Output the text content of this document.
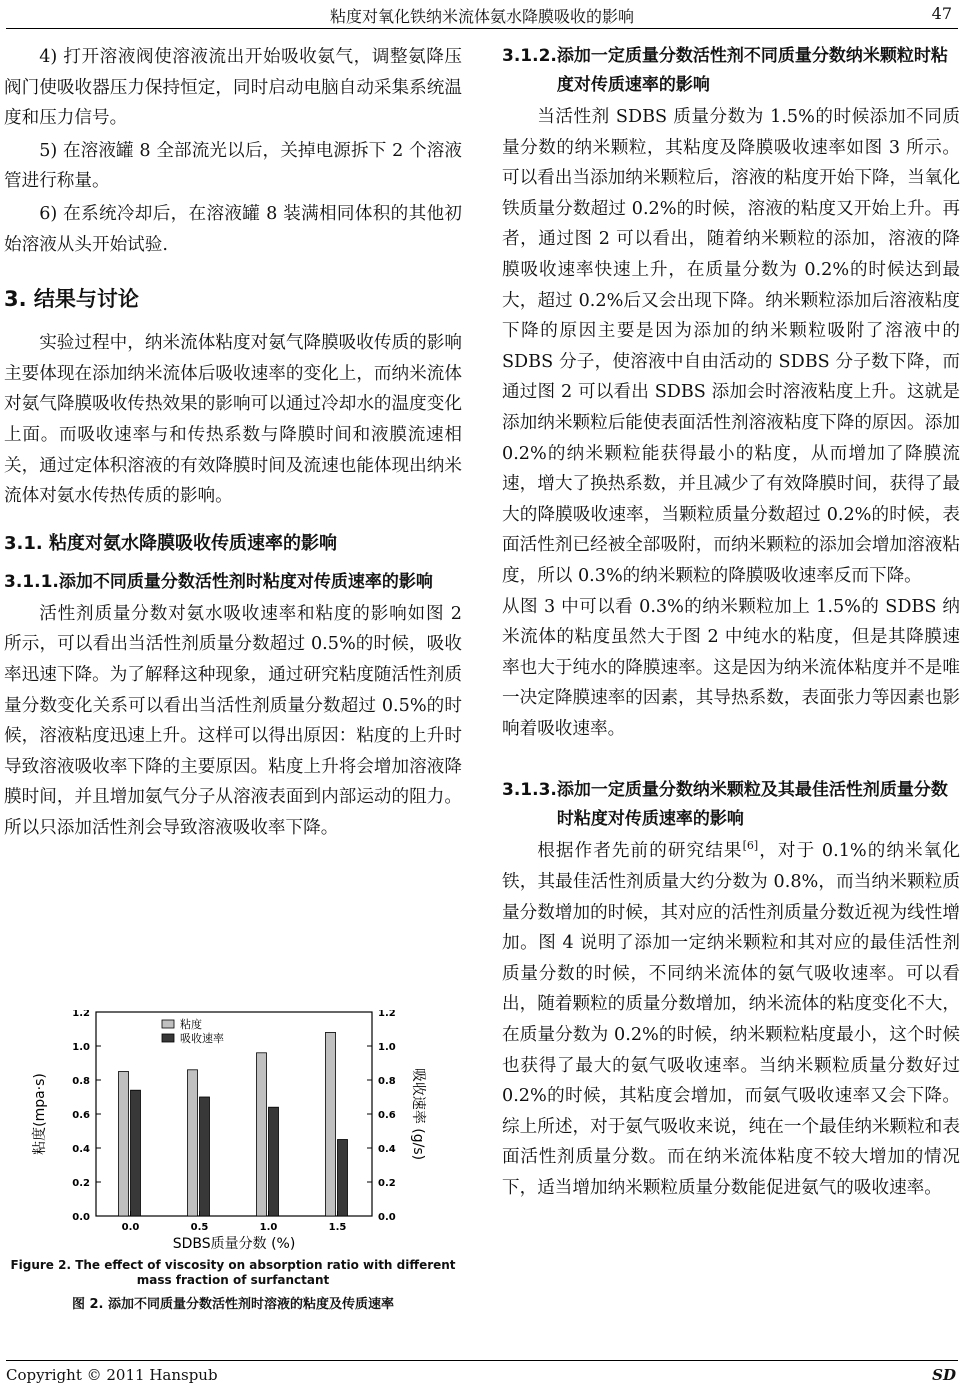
粘度对氧化铁纳米流体氨水降膜吸收的影响	47

4) 打开溶液阀使溶液流出开始吸收氨气，调整氨降压阀门使吸收器压力保持恒定，同时启动电脑自动采集系统温度和压力信号。

5) 在溶液罐 8 全部流光以后，关掉电源拆下 2 个溶液管进行称量。

6) 在系统冷却后，在溶液罐 8 装满相同体积的其他初始溶液从头开始试验.

3. 结果与讨论

实验过程中，纳米流体粘度对氨气降膜吸收传质的影响主要体现在添加纳米流体后吸收速率的变化上，而纳米流体对氨气降膜吸收传热效果的影响可以通过冷却水的温度变化上面。而吸收速率与和传热系数与降膜时间和液膜流速相关，通过定体积溶液的有效降膜时间及流速也能体现出纳米流体对氨水传热传质的影响。

3.1. 粘度对氨水降膜吸收传质速率的影响
3.1.1. 添加不同质量分数活性剂时粘度对传质速率的影响

活性剂质量分数对氨水吸收速率和粘度的影响如图 2 所示，可以看出当活性剂质量分数超过 0.5%的时候，吸收率迅速下降。为了解释这种现象，通过研究粘度随活性剂质量分数变化关系可以看出当活性剂质量分数超过 0.5%的时候，溶液粘度迅速上升。这样可以得出原因：粘度的上升时导致溶液吸收率下降的主要原因。粘度上升将会增加溶液降膜时间，并且增加氨气分子从溶液表面到内部运动的阻力。所以只添加活性剂会导致溶液吸收率下降。

0.0
0.2
0.4
0.6
0.8
1.0
1.2
0.0
0.2
0.4
0.6
0.8
1.0
1.2
0.0	0.5	1.0	1.5
粘度
吸收速率
粘度(mpa·s)	吸收速率 (g/s)
SDBS质量分数 (%)
Figure 2. The effect of viscosity on absorption ratio with different mass fraction of surfanctant
图 2. 添加不同质量分数活性剂时溶液的粘度及传质速率
3.1.2. 添加一定质量分数活性剂不同质量分数纳米颗粒时粘度对传质速率的影响

当活性剂 SDBS 质量分数为 1.5%的时候添加不同质量分数的纳米颗粒，其粘度及降膜吸收速率如图 3 所示。可以看出当添加纳米颗粒后，溶液的粘度开始下降，当氧化铁质量分数超过 0.2%的时候，溶液的粘度又开始上升。再者，通过图 2 可以看出，随着纳米颗粒的添加，溶液的降膜吸收速率快速上升，在质量分数为 0.2%的时候达到最大，超过 0.2%后又会出现下降。纳米颗粒添加后溶液粘度下降的原因主要是因为添加的纳米颗粒吸附了溶液中的 SDBS 分子，使溶液中自由活动的 SDBS 分子数下降，而通过图 2 可以看出 SDBS 添加会时溶液粘度上升。这就是添加纳米颗粒后能使表面活性剂溶液粘度下降的原因。添加 0.2%的纳米颗粒能获得最小的粘度，从而增加了降膜流速，增大了换热系数，并且减少了有效降膜时间，获得了最大的降膜吸收速率，当颗粒质量分数超过 0.2%的时候，表面活性剂已经被全部吸附，而纳米颗粒的添加会增加溶液粘度，所以 0.3%的纳米颗粒的降膜吸收速率反而下降。

从图 3 中可以看 0.3%的纳米颗粒加上 1.5%的 SDBS 纳米流体的粘度虽然大于图 2 中纯水的粘度，但是其降膜速率也大于纯水的降膜速率。这是因为纳米流体粘度并不是唯一决定降膜速率的因素，其导热系数，表面张力等因素也影响着吸收速率。

3.1.3. 添加一定质量分数纳米颗粒及其最佳活性剂质量分数时粘度对传质速率的影响

根据作者先前的研究结果[6]，对于 0.1%的纳米氧化铁，其最佳活性剂质量大约分数为 0.8%，而当纳米颗粒质量分数增加的时候，其对应的活性剂质量分数近视为线性增加。图 4 说明了添加一定纳米颗粒和其对应的最佳活性剂质量分数的时候，不同纳米流体的氨气吸收速率。可以看出，随着颗粒的质量分数增加，纳米流体的粘度变化不大，在质量分数为 0.2%的时候，纳米颗粒粘度最小，这个时候也获得了最大的氨气吸收速率。当纳米颗粒质量分数好过 0.2%的时候，其粘度会增加，而氨气吸收速率又会下降。综上所述，对于氨气吸收来说，纯在一个最佳纳米颗粒和表面活性剂质量分数。而在纳米流体粘度不较大增加的情况下，适当增加纳米颗粒质量分数能促进氨气的吸收速率。

Copyright © 2011 Hanspub	SD
